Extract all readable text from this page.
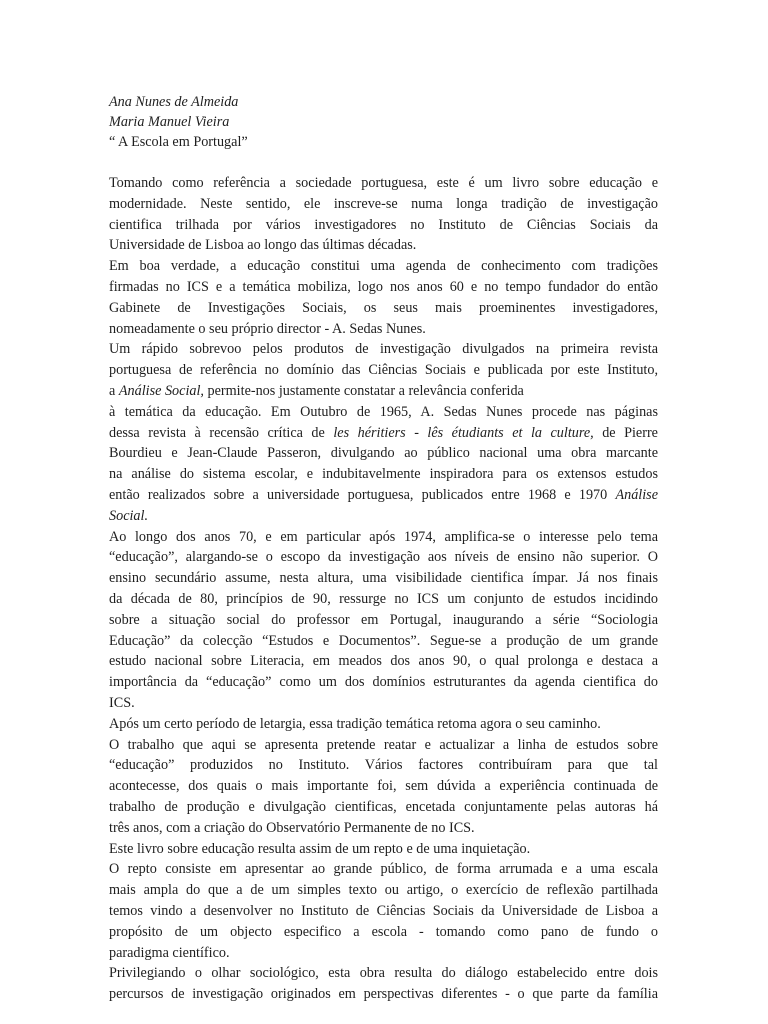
Ana Nunes de Almeida
Maria Manuel Vieira
“ A Escola em Portugal”
Tomando como referência a sociedade portuguesa, este é um livro sobre educação e
modernidade. Neste sentido, ele inscreve-se numa longa tradição de investigação
cientifica trilhada por vários investigadores no Instituto de Ciências Sociais da
Universidade de Lisboa ao longo das últimas décadas.
Em boa verdade, a educação constitui uma agenda de conhecimento com tradições
firmadas no ICS e a temática mobiliza, logo nos anos 60 e no tempo fundador do então
Gabinete de Investigações Sociais, os seus mais proeminentes investigadores,
nomeadamente o seu próprio director - A. Sedas Nunes.
Um rápido sobrevoo pelos produtos de investigação divulgados na primeira revista
portuguesa de referência no domínio das Ciências Sociais e publicada por este Instituto,
a Análise Social, permite-nos justamente constatar a relevância conferida
à temática da educação. Em Outubro de 1965, A. Sedas Nunes procede nas páginas
dessa revista à recensão crítica de les héritiers - lês étudiants et la culture, de Pierre
Bourdieu e Jean-Claude Passeron, divulgando ao público nacional uma obra marcante
na análise do sistema escolar, e indubitavelmente inspiradora para os extensos estudos
então realizados sobre a universidade portuguesa, publicados entre 1968 e 1970 Análise
Social.
Ao longo dos anos 70, e em particular após 1974, amplifica-se o interesse pelo tema
“educação”, alargando-se o escopo da investigação aos níveis de ensino não superior. O
ensino secundário assume, nesta altura, uma visibilidade cientifica ímpar. Já nos finais
da década de 80, princípios de 90, ressurge no ICS um conjunto de estudos incidindo
sobre a situação social do professor em Portugal, inaugurando a série “Sociologia
Educação” da colecção “Estudos e Documentos”. Segue-se a produção de um grande
estudo nacional sobre Literacia, em meados dos anos 90, o qual prolonga e destaca a
importância da “educação” como um dos domínios estruturantes da agenda cientifica do
ICS.
Após um certo período de letargia, essa tradição temática retoma agora o seu caminho.
O trabalho que aqui se apresenta pretende reatar e actualizar a linha de estudos sobre
“educação” produzidos no Instituto. Vários factores contribuíram para que tal
acontecesse, dos quais o mais importante foi, sem dúvida a experiência continuada de
trabalho de produção e divulgação cientificas, encetada conjuntamente pelas autoras há
três anos, com a criação do Observatório Permanente de no ICS.
Este livro sobre educação resulta assim de um repto e de uma inquietação.
O repto consiste em apresentar ao grande público, de forma arrumada e a uma escala
mais ampla do que a de um simples texto ou artigo, o exercício de reflexão partilhada
temos vindo a desenvolver no Instituto de Ciências Sociais da Universidade de Lisboa a
propósito de um objecto especifico a escola - tomando como pano de fundo o
paradigma científico.
Privilegiando o olhar sociológico, esta obra resulta do diálogo estabelecido entre dois
percursos de investigação originados em perspectivas diferentes - o que parte da família
